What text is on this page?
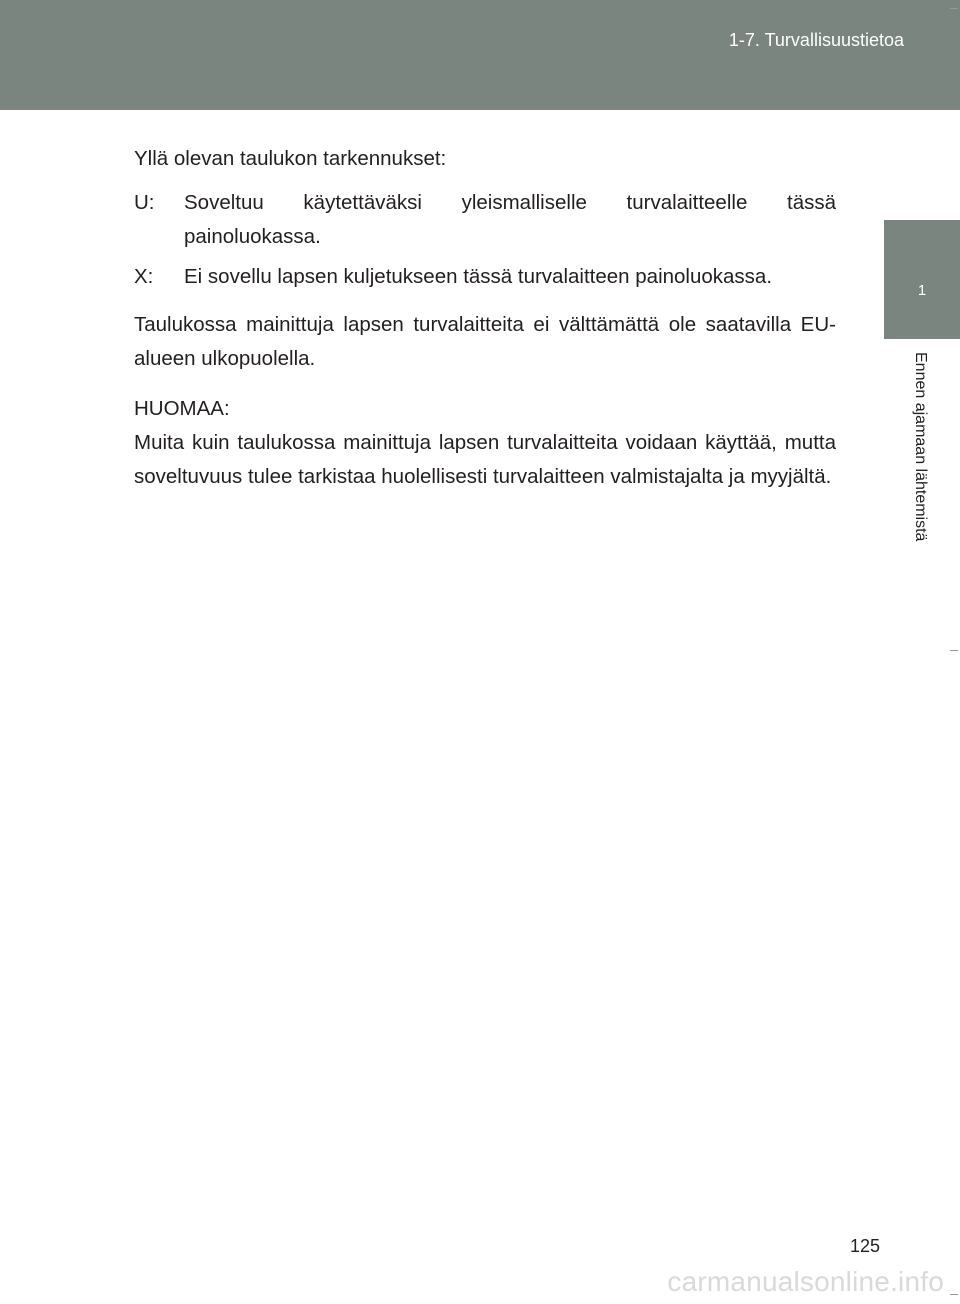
1-7. Turvallisuustietoa
1
Ennen ajamaan lähtemistä

Yllä olevan taulukon tarkennukset:

U:	Soveltuu käytettäväksi yleismalliselle turvalaitteelle tässä painoluokassa.
X:	Ei sovellu lapsen kuljetukseen tässä turvalaitteen painoluokassa.

Taulukossa mainittuja lapsen turvalaitteita ei välttämättä ole saatavilla EU-alueen ulkopuolella.

HUOMAA:

Muita kuin taulukossa mainittuja lapsen turvalaitteita voidaan käyttää, mutta soveltuvuus tulee tarkistaa huolellisesti turvalaitteen valmistajalta ja myyjältä.

125
carmanualsonline.info
